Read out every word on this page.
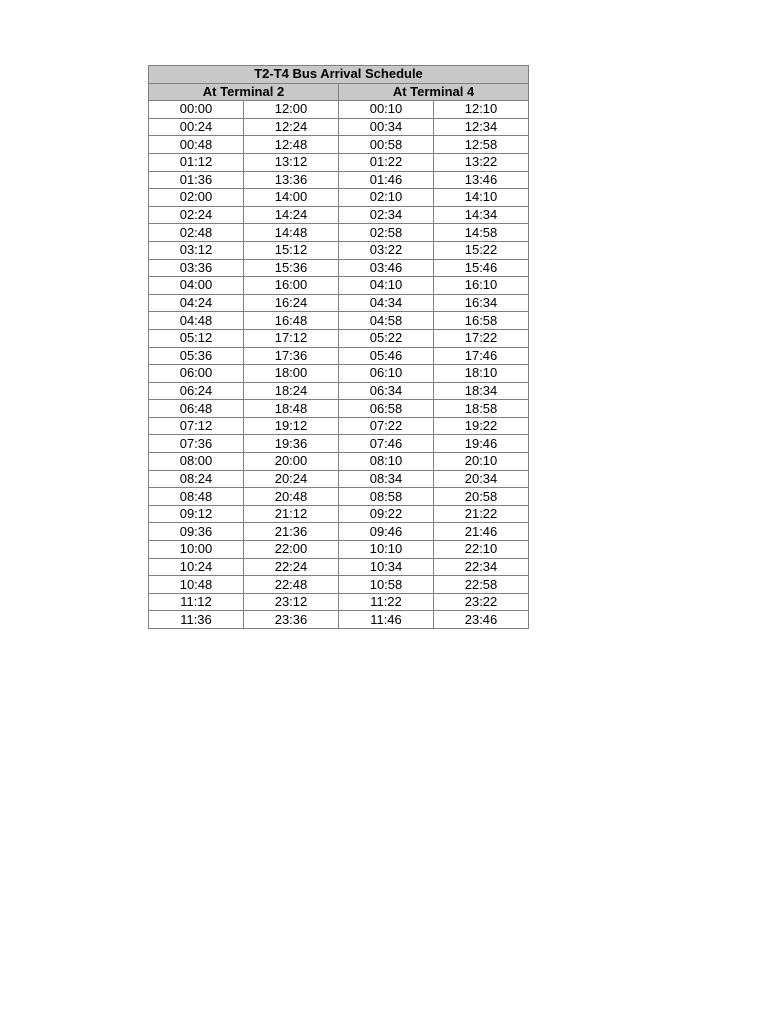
T2-T4 Bus Arrival Schedule			
At Terminal 2		At Terminal 4	
00:00	12:00	00:10	12:10
00:24	12:24	00:34	12:34
00:48	12:48	00:58	12:58
01:12	13:12	01:22	13:22
01:36	13:36	01:46	13:46
02:00	14:00	02:10	14:10
02:24	14:24	02:34	14:34
02:48	14:48	02:58	14:58
03:12	15:12	03:22	15:22
03:36	15:36	03:46	15:46
04:00	16:00	04:10	16:10
04:24	16:24	04:34	16:34
04:48	16:48	04:58	16:58
05:12	17:12	05:22	17:22
05:36	17:36	05:46	17:46
06:00	18:00	06:10	18:10
06:24	18:24	06:34	18:34
06:48	18:48	06:58	18:58
07:12	19:12	07:22	19:22
07:36	19:36	07:46	19:46
08:00	20:00	08:10	20:10
08:24	20:24	08:34	20:34
08:48	20:48	08:58	20:58
09:12	21:12	09:22	21:22
09:36	21:36	09:46	21:46
10:00	22:00	10:10	22:10
10:24	22:24	10:34	22:34
10:48	22:48	10:58	22:58
11:12	23:12	11:22	23:22
11:36	23:36	11:46	23:46
